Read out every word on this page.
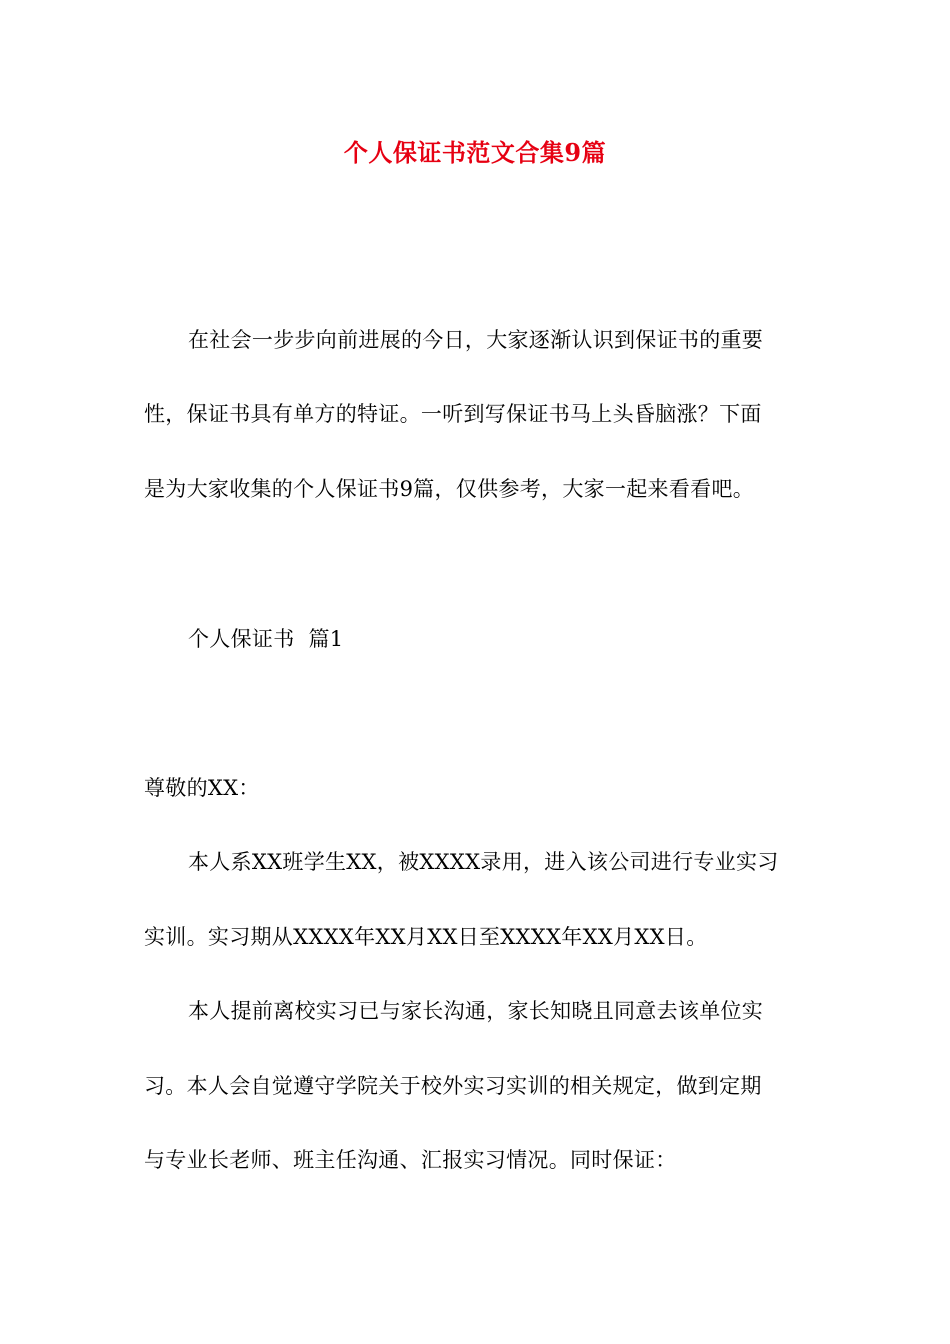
个人保证书范文合集9篇
在社会一步步向前进展的今日，大家逐渐认识到保证书的重要
性，保证书具有单方的特证。一听到写保证书马上头昏脑涨？下面
是为大家收集的个人保证书9篇，仅供参考，大家一起来看看吧。
个人保证书  篇1
尊敬的XX：
本人系XX班学生XX，被XXXX录用，进入该公司进行专业实习
实训。实习期从XXXX年XX月XX日至XXXX年XX月XX日。
本人提前离校实习已与家长沟通，家长知晓且同意去该单位实
习。本人会自觉遵守学院关于校外实习实训的相关规定，做到定期
与专业长老师、班主任沟通、汇报实习情况。同时保证：
